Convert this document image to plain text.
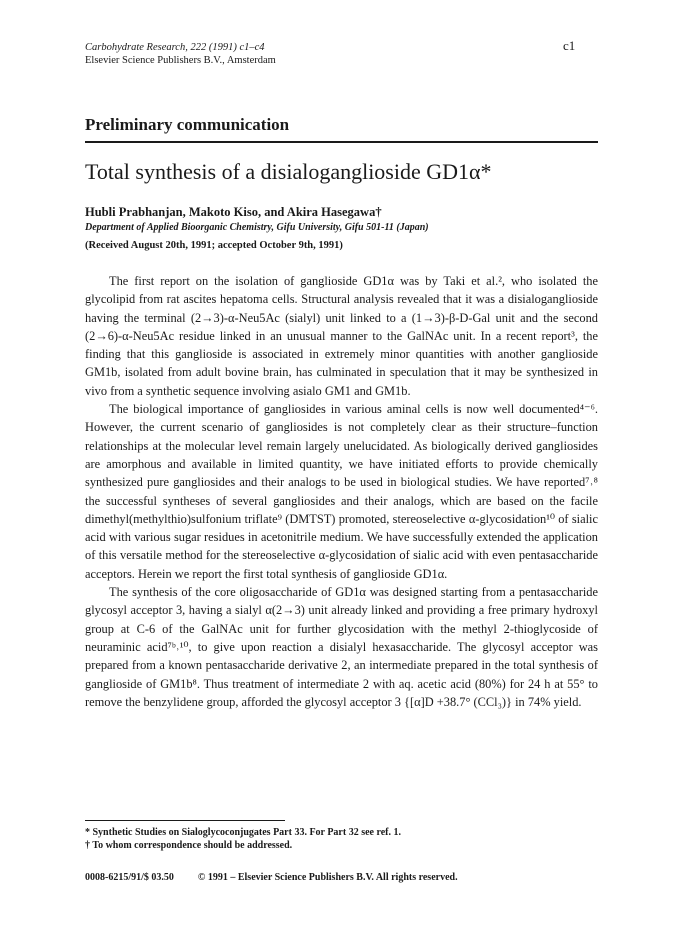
Carbohydrate Research, 222 (1991) c1–c4
Elsevier Science Publishers B.V., Amsterdam
c1
Preliminary communication
Total synthesis of a disialoganglioside GD1α*
Hubli Prabhanjan, Makoto Kiso, and Akira Hasegawa†
Department of Applied Bioorganic Chemistry, Gifu University, Gifu 501-11 (Japan)
(Received August 20th, 1991; accepted October 9th, 1991)

The first report on the isolation of ganglioside GD1α was by Taki et al.², who isolated the glycolipid from rat ascites hepatoma cells. Structural analysis revealed that it was a disialoganglioside having the terminal (2→3)-α-Neu5Ac (sialyl) unit linked to a (1→3)-β-D-Gal unit and the second (2→6)-α-Neu5Ac residue linked in an unusual manner to the GalNAc unit. In a recent report³, the finding that this ganglioside is associated in extremely minor quantities with another ganglioside GM1b, isolated from adult bovine brain, has culminated in speculation that it may be synthesized in vivo from a synthetic sequence involving asialo GM1 and GM1b.

The biological importance of gangliosides in various aminal cells is now well documented⁴⁻⁶. However, the current scenario of gangliosides is not completely clear as their structure–function relationships at the molecular level remain largely unelucidated. As biologically derived gangliosides are amorphous and available in limited quantity, we have initiated efforts to provide chemically synthesized pure gangliosides and their analogs to be used in biological studies. We have reported⁷˒⁸ the successful syntheses of several gangliosides and their analogs, which are based on the facile dimethyl(methylthio)sulfonium triflate⁹ (DMTST) promoted, stereoselective α-glycosidation¹⁰ of sialic acid with various sugar residues in acetonitrile medium. We have successfully extended the application of this versatile method for the stereoselective α-glycosidation of sialic acid with even pentasaccharide acceptors. Herein we report the first total synthesis of ganglioside GD1α.

The synthesis of the core oligosaccharide of GD1α was designed starting from a pentasaccharide glycosyl acceptor 3, having a sialyl α(2→3) unit already linked and providing a free primary hydroxyl group at C-6 of the GalNAc unit for further glycosidation with the methyl 2-thioglycoside of neuraminic acid⁷ᵇ˒¹⁰, to give upon reaction a disialyl hexasaccharide. The glycosyl acceptor was prepared from a known pentasaccharide derivative 2, an intermediate prepared in the total synthesis of ganglioside of GM1b⁸. Thus treatment of intermediate 2 with aq. acetic acid (80%) for 24 h at 55° to remove the benzylidene group, afforded the glycosyl acceptor 3 {[α]D +38.7° (CCl₃)} in 74% yield.

* Synthetic Studies on Sialoglycoconjugates Part 33. For Part 32 see ref. 1.
† To whom correspondence should be addressed.
0008-6215/91/$ 03.50 © 1991 – Elsevier Science Publishers B.V. All rights reserved.
